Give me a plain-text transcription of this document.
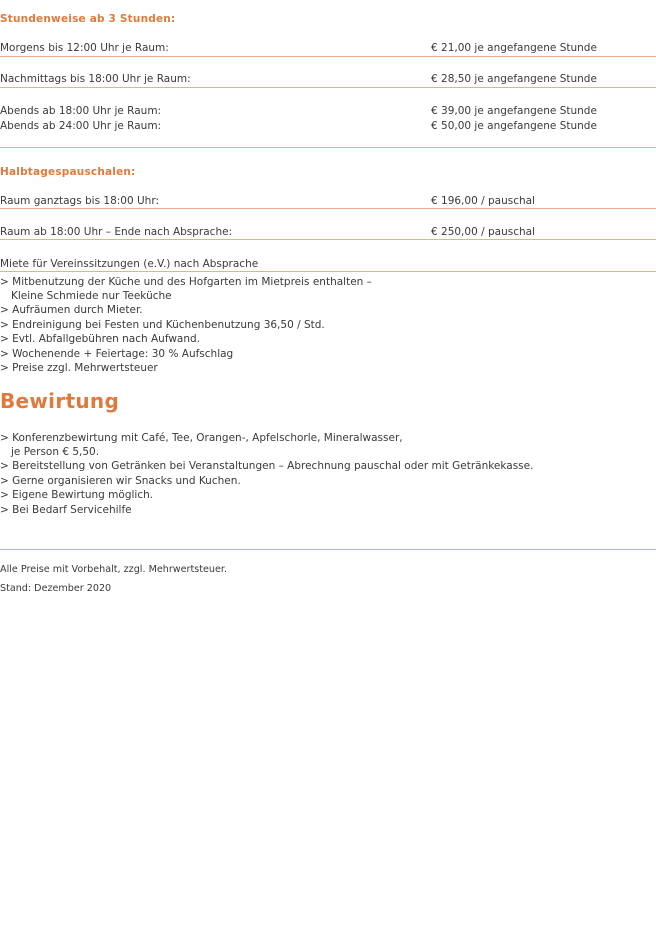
Stundenweise ab 3 Stunden:
Morgens bis 12:00 Uhr je Raum:	€ 21,00 je angefangene Stunde
Nachmittags bis 18:00 Uhr je Raum:	€ 28,50 je angefangene Stunde
Abends ab 18:00 Uhr je Raum:	€ 39,00 je angefangene Stunde
Abends ab 24:00 Uhr je Raum:	€ 50,00 je angefangene Stunde
Halbtagespauschalen:
Raum ganztags bis 18:00 Uhr:	€ 196,00 / pauschal
Raum ab 18:00 Uhr – Ende nach Absprache:	€ 250,00 / pauschal
Miete für Vereinssitzungen (e.V.) nach Absprache
> Mitbenutzung der Küche und des Hofgarten im Mietpreis enthalten –
Kleine Schmiede nur Teeküche
> Aufräumen durch Mieter.
> Endreinigung bei Festen und Küchenbenutzung 36,50 / Std.
> Evtl. Abfallgebühren nach Aufwand.
> Wochenende + Feiertage: 30 % Aufschlag
> Preise zzgl. Mehrwertsteuer
Bewirtung
> Konferenzbewirtung mit Café, Tee, Orangen-, Apfelschorle, Mineralwasser,
je Person € 5,50.
> Bereitstellung von Getränken bei Veranstaltungen – Abrechnung pauschal oder mit Getränkekasse.
> Gerne organisieren wir Snacks und Kuchen.
> Eigene Bewirtung möglich.
> Bei Bedarf Servicehilfe
Alle Preise mit Vorbehalt, zzgl. Mehrwertsteuer.
Stand: Dezember 2020
